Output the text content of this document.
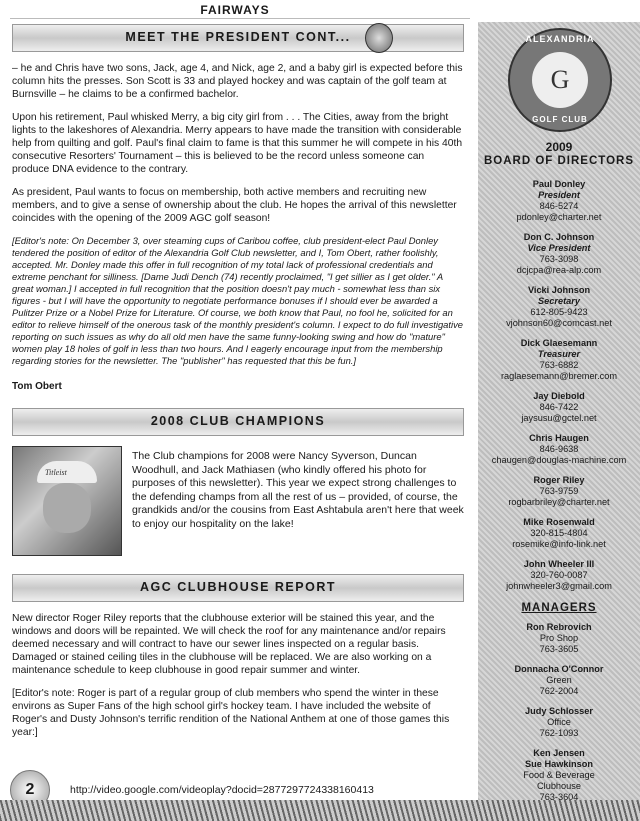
FAIRWAYS
MEET THE PRESIDENT CONT...

– he and Chris have two sons, Jack, age 4, and Nick, age 2, and a baby girl is expected before this column hits the presses. Son Scott is 33 and played hockey and was captain of the golf team at Burnsville – he claims to be a confirmed bachelor.

Upon his retirement, Paul whisked Merry, a big city girl from . . . The Cities, away from the bright lights to the lakeshores of Alexandria. Merry appears to have made the transition with considerable help from quilting and golf. Paul's final claim to fame is that this summer he will compete in his 40th consecutive Resorters' Tournament – this is believed to be the record unless someone can produce DNA evidence to the contrary.

As president, Paul wants to focus on membership, both active members and recruiting new members, and to give a sense of ownership about the club. He hopes the arrival of this newsletter coincides with the opening of the 2009 AGC golf season!

[Editor's note: On December 3, over steaming cups of Caribou coffee, club president-elect Paul Donley tendered the position of editor of the Alexandria Golf Club newsletter, and I, Tom Obert, rather foolishly, accepted. Mr. Donley made this offer in full recognition of my total lack of professional credentials and extreme penchant for silliness. [Dame Judi Dench (74) recently proclaimed, "I get sillier as I get older." A great woman.] I accepted in full recognition that the position doesn't pay much - somewhat less than six figures - but I will have the opportunity to negotiate performance bonuses if I should ever be awarded a Pulitzer Prize or a Nobel Prize for Literature. Of course, we both know that Paul, no fool he, solicited for an editor to relieve himself of the onerous task of the monthly president's column. I expect to do full investigative reporting on such issues as why do all old men have the same funny-looking swing and how do "mature" women play 18 holes of golf in less than two hours. And I eagerly encourage input from the membership regarding stories for the newsletter. The "publisher" has requested that this be fun.]

Tom Obert
2008 CLUB CHAMPIONS
Titleist

The Club champions for 2008 were Nancy Syverson, Duncan Woodhull, and Jack Mathiasen (who kindly offered his photo for purposes of this newsletter). This year we expect strong challenges to the defending champs from all the rest of us – provided, of course, the grandkids and/or the cousins from East Ashtabula aren't here that week to enjoy our hospitality on the lake!

AGC CLUBHOUSE REPORT

New director Roger Riley reports that the clubhouse exterior will be stained this year, and the windows and doors will be repainted. We will check the roof for any maintenance and/or repairs deemed necessary and will contract to have our sewer lines inspected on a regular basis. Damaged or stained ceiling tiles in the clubhouse will be replaced. We are also working on a maintenance schedule to keep clubhouse in good repair summer and winter.

[Editor's note: Roger is part of a regular group of club members who spend the winter in these environs as Super Fans of the high school girl's hockey team. I have included the website of Roger's and Dusty Johnson's terrific rendition of the National Anthem at one of those games this year:]

http://video.google.com/videoplay?docid=2877297724338160413
2
ALEXANDRIA
G
GOLF CLUB
2009
BOARD OF DIRECTORS
Paul Donley
President
846-5274
pdonley@charter.net
Don C. Johnson
Vice President
763-3098
dcjcpa@rea-alp.com
Vicki Johnson
Secretary
612-805-9423
vjohnson60@comcast.net
Dick Glaesemann
Treasurer
763-6882
raglaesemann@bremer.com
Jay Diebold
846-7422
jaysusu@gctel.net
Chris Haugen
846-9638
chaugen@douglas-machine.com
Roger Riley
763-9759
rogbarbriley@charter.net
Mike Rosenwald
320-815-4804
rosemike@info-link.net
John Wheeler III
320-760-0087
johnwheeler3@gmail.com
MANAGERS
Ron Rebrovich
Pro Shop
763-3605
Donnacha O'Connor
Green
762-2004
Judy Schlosser
Office
762-1093
Ken Jensen
Sue Hawkinson
Food & Beverage
Clubhouse
763-3604
